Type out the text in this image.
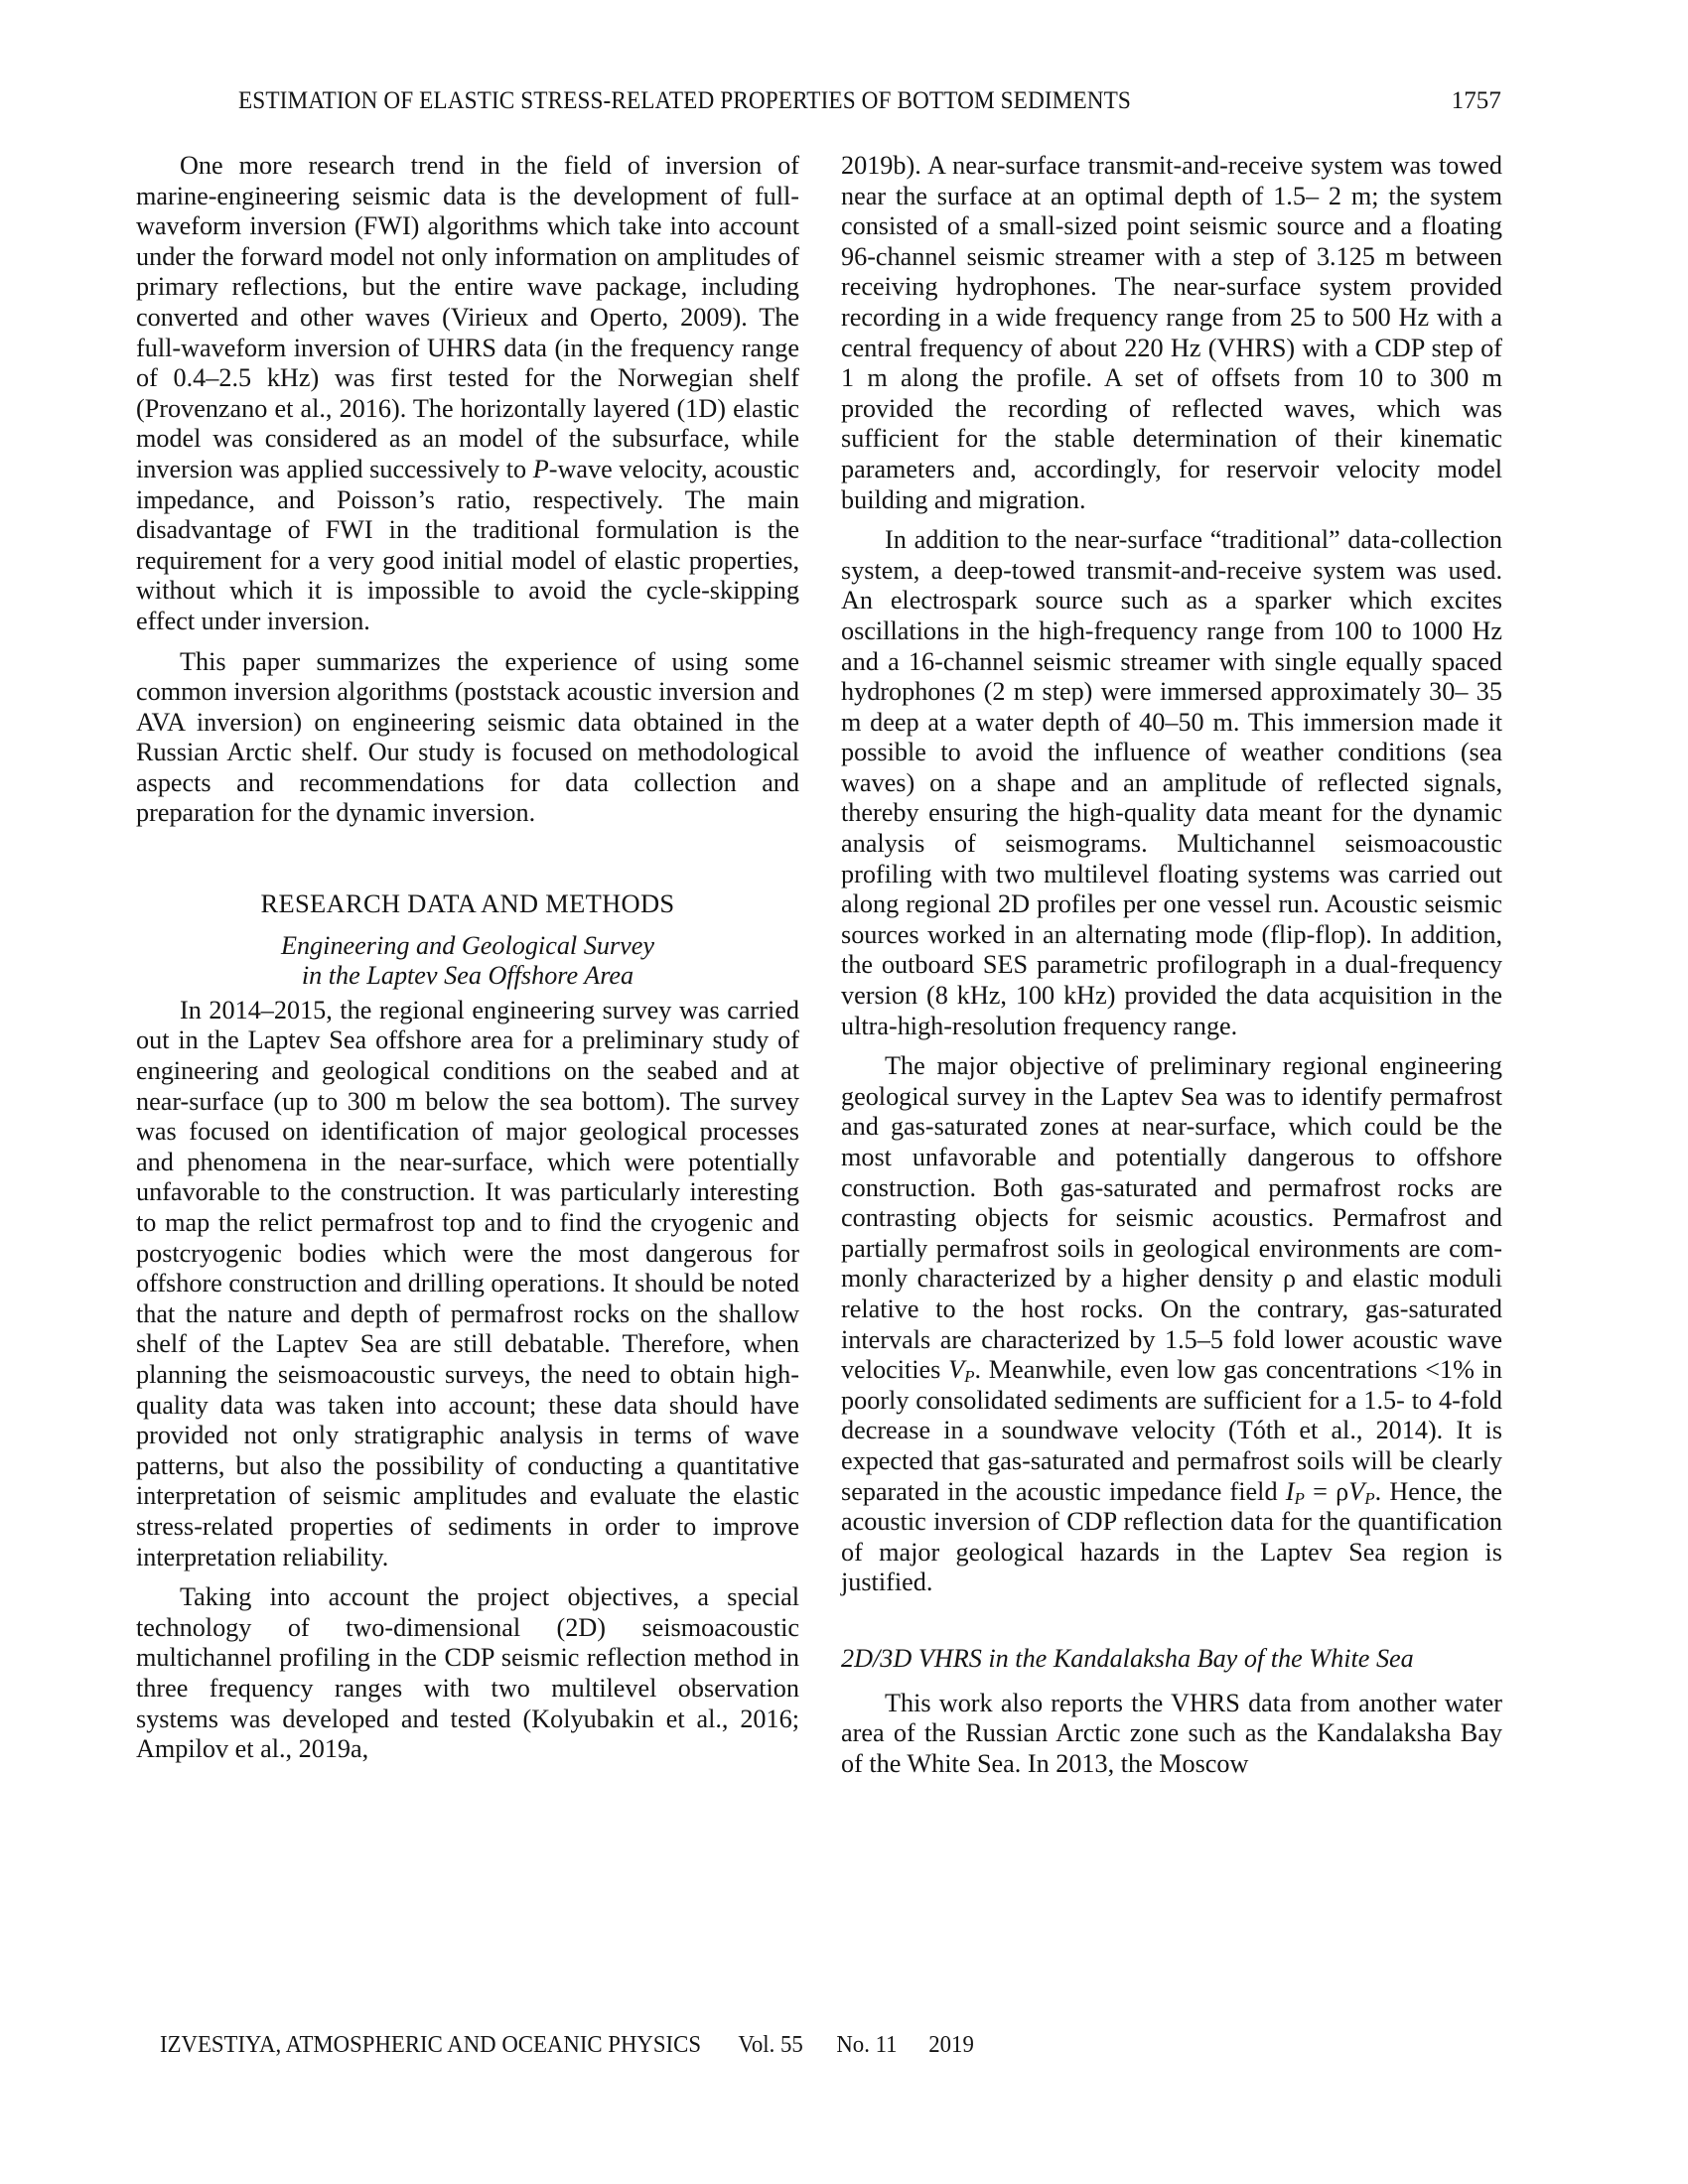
ESTIMATION OF ELASTIC STRESS-RELATED PROPERTIES OF BOTTOM SEDIMENTS	1757

One more research trend in the field of inversion of marine-engineering seismic data is the development of full-waveform inversion (FWI) algorithms which take into account under the forward model not only information on amplitudes of primary reflections, but the entire wave package, including converted and other waves (Virieux and Operto, 2009). The full-waveform inversion of UHRS data (in the frequency range of 0.4–2.5 kHz) was first tested for the Norwegian shelf (Provenzano et al., 2016). The horizontally layered (1D) elastic model was considered as an model of the subsurface, while inversion was applied successively to P-wave velocity, acoustic impedance, and Poisson’s ratio, respectively. The main disadvantage of FWI in the traditional formulation is the requirement for a very good initial model of elastic properties, without which it is impossible to avoid the cycle-skipping effect under inversion.

This paper summarizes the experience of using some common inversion algorithms (poststack acoustic inversion and AVA inversion) on engineering seismic data obtained in the Russian Arctic shelf. Our study is focused on methodological aspects and recommendations for data collection and preparation for the dynamic inversion.

RESEARCH DATA AND METHODS
Engineering and Geological Survey
in the Laptev Sea Offshore Area

In 2014–2015, the regional engineering survey was carried out in the Laptev Sea offshore area for a preliminary study of engineering and geological conditions on the seabed and at near-surface (up to 300 m below the sea bottom). The survey was focused on identification of major geological processes and phenomena in the near-surface, which were potentially unfavorable to the construction. It was particularly interesting to map the relict permafrost top and to find the cryogenic and postcryogenic bodies which were the most dangerous for offshore construction and drilling operations. It should be noted that the nature and depth of permafrost rocks on the shallow shelf of the Laptev Sea are still debatable. Therefore, when planning the seismoacoustic surveys, the need to obtain high-quality data was taken into account; these data should have provided not only stratigraphic analysis in terms of wave patterns, but also the possibility of conducting a quantitative interpretation of seismic amplitudes and evaluate the elastic stress-related properties of sediments in order to improve interpretation reliability.

Taking into account the project objectives, a special technology of two-dimensional (2D) seismoacoustic multichannel profiling in the CDP seismic reflection method in three frequency ranges with two multilevel observation systems was developed and tested (Kolyubakin et al., 2016; Ampilov et al., 2019a,

2019b). A near-surface transmit-and-receive system was towed near the surface at an optimal depth of 1.5– 2 m; the system consisted of a small-sized point seismic source and a floating 96-channel seismic streamer with a step of 3.125 m between receiving hydrophones. The near-surface system provided recording in a wide frequency range from 25 to 500 Hz with a central frequency of about 220 Hz (VHRS) with a CDP step of 1 m along the profile. A set of offsets from 10 to 300 m provided the recording of reflected waves, which was sufficient for the stable determination of their kinematic parameters and, accordingly, for reservoir velocity model building and migration.

In addition to the near-surface “traditional” data-collection system, a deep-towed transmit-and-receive system was used. An electrospark source such as a sparker which excites oscillations in the high-frequency range from 100 to 1000 Hz and a 16-channel seismic streamer with single equally spaced hydrophones (2 m step) were immersed approximately 30– 35 m deep at a water depth of 40–50 m. This immersion made it possible to avoid the influence of weather conditions (sea waves) on a shape and an amplitude of reflected signals, thereby ensuring the high-quality data meant for the dynamic analysis of seismograms. Multichannel seismoacoustic profiling with two multilevel floating systems was carried out along regional 2D profiles per one vessel run. Acoustic seismic sources worked in an alternating mode (flip-flop). In addition, the outboard SES parametric profilograph in a dual-frequency version (8 kHz, 100 kHz) provided the data acquisition in the ultra-high-resolution frequency range.

The major objective of preliminary regional engineering geological survey in the Laptev Sea was to identify permafrost and gas-saturated zones at near-surface, which could be the most unfavorable and potentially dangerous to offshore construction. Both gas-saturated and permafrost rocks are contrasting objects for seismic acoustics. Permafrost and partially permafrost soils in geological environments are commonly characterized by a higher density ρ and elastic moduli relative to the host rocks. On the contrary, gas-saturated intervals are characterized by 1.5–5 fold lower acoustic wave velocities $V_P$. Meanwhile, even low gas concentrations <1% in poorly consolidated sediments are sufficient for a 1.5- to 4-fold decrease in a soundwave velocity (Tóth et al., 2014). It is expected that gas-saturated and permafrost soils will be clearly separated in the acoustic impedance field $I_P = \rho V_P$. Hence, the acoustic inversion of CDP reflection data for the quantification of major geological hazards in the Laptev Sea region is justified.

2D/3D VHRS in the Kandalaksha Bay of the White Sea

This work also reports the VHRS data from another water area of the Russian Arctic zone such as the Kandalaksha Bay of the White Sea. In 2013, the Moscow

IZVESTIYA, ATMOSPHERIC AND OCEANIC PHYSICS Vol. 55 No. 11 2019
